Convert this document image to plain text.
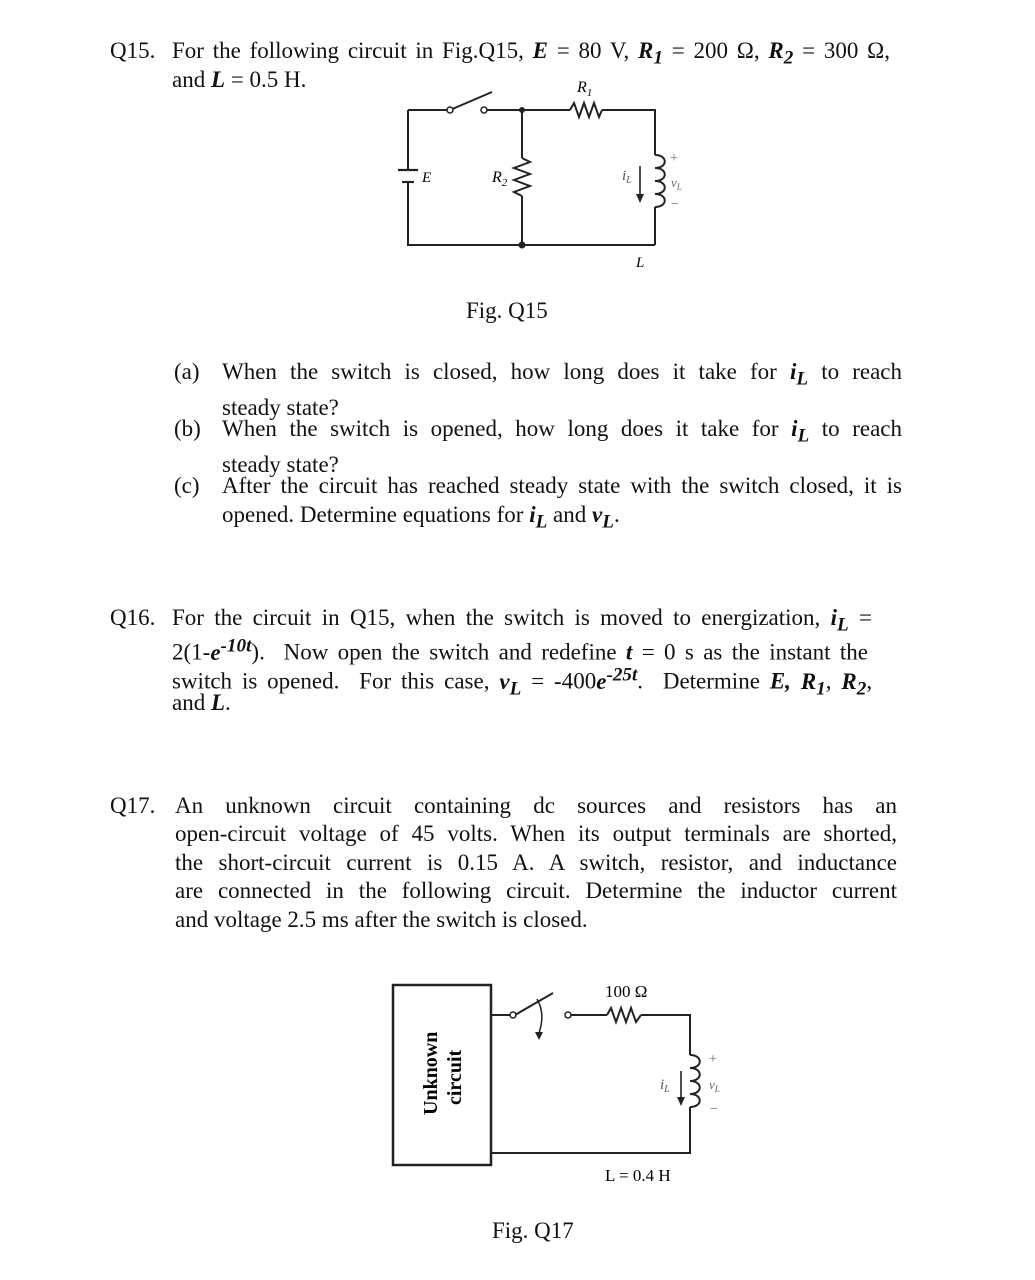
Q15. For the following circuit in Fig.Q15, E = 80 V, $R_1 = 200$ Ω, $R_2 = 300$ Ω,
and L = 0.5 H.	$R_1$
E	$R_2$	$i_L$
+
$v_L$
−
L
Fig. Q15
(a) When the switch is closed, how long does it take for $i_L$ to reach
steady state?
(b) When the switch is opened, how long does it take for $i_L$ to reach
steady state?
(c) After the circuit has reached steady state with the switch closed, it is
opened. Determine equations for $i_L$ and $v_L$.
Q16. For the circuit in Q15, when the switch is moved to energization, $i_L$ =
$2(1-e^{-10t})$. Now open the switch and redefine t = 0 s as the instant the
switch is opened. For this case, $v_L = -400e^{-25t}$. Determine E, $R_1$, $R_2$,
and L.
Q17. An unknown circuit containing dc sources and resistors has an
open-circuit voltage of 45 volts. When its output terminals are shorted,
the short-circuit current is 0.15 A. A switch, resistor, and inductance
are connected in the following circuit. Determine the inductor current
and voltage 2.5 ms after the switch is closed.
Unknown circuit
100 Ω
$i_L$
+
$v_L$
−
L = 0.4 H
Fig. Q17
